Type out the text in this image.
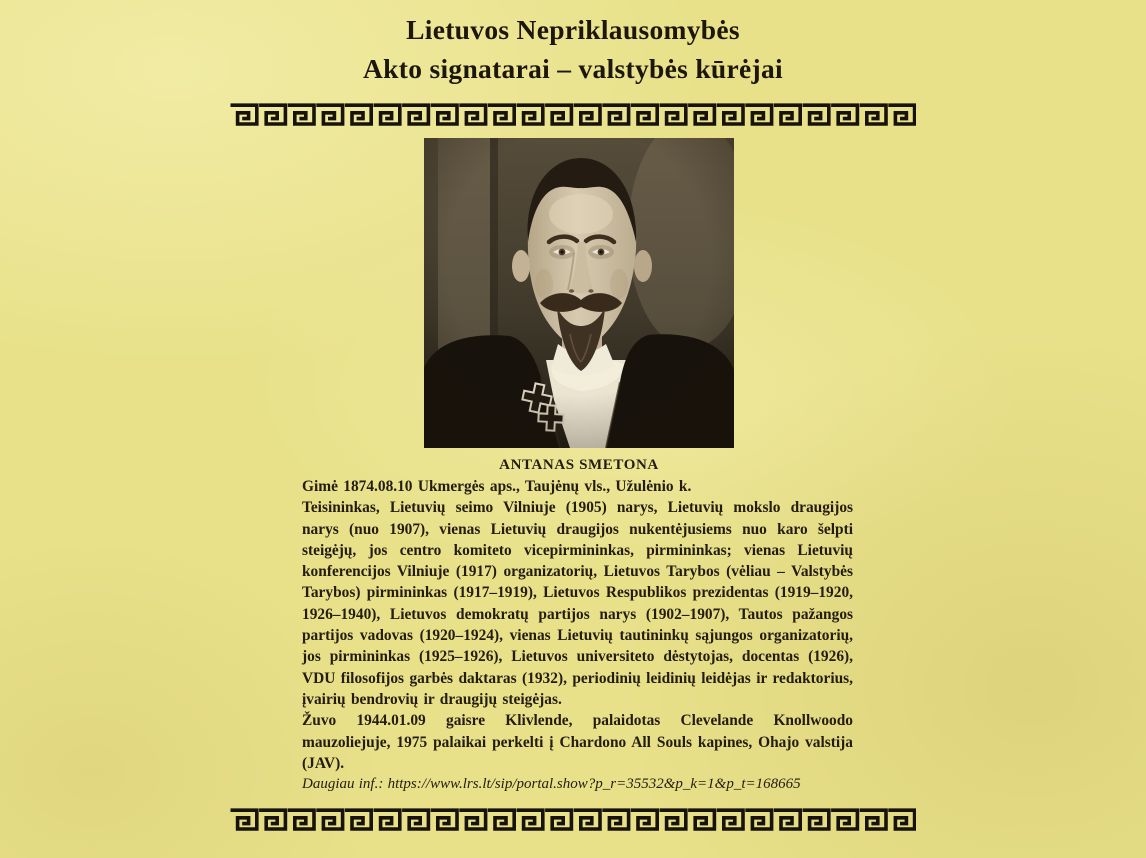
Lietuvos Nepriklausomybės
Akto signatarai – valstybės kūrėjai
ANTANAS SMETONA

Gimė 1874.08.10 Ukmergės aps., Taujėnų vls., Užulėnio k.

Teisininkas, Lietuvių seimo Vilniuje (1905) narys, Lietuvių mokslo draugijos narys (nuo 1907), vienas Lietuvių draugijos nukentėjusiems nuo karo šelpti steigėjų, jos centro komiteto vicepirmininkas, pirmininkas; vienas Lietuvių konferencijos Vilniuje (1917) organizatorių, Lietuvos Tarybos (vėliau – Valstybės Tarybos) pirmininkas (1917–1919), Lietuvos Respublikos prezidentas (1919–1920, 1926–1940), Lietuvos demokratų partijos narys (1902–1907), Tautos pažangos partijos vadovas (1920–1924), vienas Lietuvių tautininkų sąjungos organizatorių, jos pirmininkas (1925–1926), Lietuvos universiteto dėstytojas, docentas (1926), VDU filosofijos garbės daktaras (1932), periodinių leidinių leidėjas ir redaktorius, įvairių bendrovių ir draugijų steigėjas.

Žuvo 1944.01.09 gaisre Klivlende, palaidotas Clevelande Knollwoodo mauzoliejuje, 1975 palaikai perkelti į Chardono All Souls kapines, Ohajo valstija (JAV).

Daugiau inf.: https://www.lrs.lt/sip/portal.show?p_r=35532&p_k=1&p_t=168665
